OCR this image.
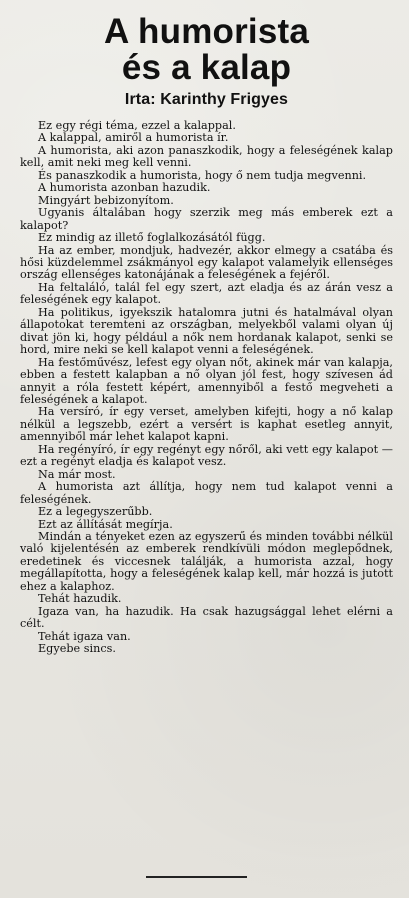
A humorista
és a kalap
Irta: Karinthy Frigyes

Ez egy régi téma, ezzel a kalappal.

A kalappal, amiről a humorista ír.

A humorista, aki azon panaszkodik, hogy a feleségének kalap kell, amit neki meg kell venni.

És panaszkodik a humorista, hogy ő nem tudja megvenni.

A humorista azonban hazudik.

Mingyárt bebizonyítom.

Ugyanis általában hogy szerzik meg más emberek ezt a kalapot?

Ez mindig az illető foglalkozásától függ.

Ha az ember, mondjuk, hadvezér, akkor elmegy a csatába és hősi küzdelemmel zsákmányol egy kalapot valamelyik ellenséges ország ellenséges katonájának a feleségének a fejéről.

Ha feltaláló, talál fel egy szert, azt eladja és az árán vesz a feleségének egy kalapot.

Ha politikus, igyekszik hatalomra jutni és hatalmával olyan állapotokat teremteni az országban, melyekből valami olyan új divat jön ki, hogy például a nők nem hordanak kalapot, senki se hord, mire neki se kell kalapot venni a feleségének.

Ha festőművész, lefest egy olyan nőt, akinek már van kalapja, ebben a festett kalapban a nő olyan jól fest, hogy szívesen ád annyit a róla festett képért, amennyiből a festő megveheti a feleségének a kalapot.

Ha versíró, ír egy verset, amelyben kifejti, hogy a nő kalap nélkül a legszebb, ezért a versért is kaphat esetleg annyit, amennyiből már lehet kalapot kapni.

Ha regényíró, ír egy regényt egy nőről, aki vett egy kalapot — ezt a regényt eladja és kalapot vesz.

Na már most.

A humorista azt állítja, hogy nem tud kalapot venni a feleségének.

Ez a legegyszerűbb.

Ezt az állítását megírja.

Mindán a tényeket ezen az egyszerű és minden további nélkül való kijelentésén az emberek rendkívüli módon meglepődnek, eredetinek és viccesnek találják, a humorista azzal, hogy megállapította, hogy a feleségének kalap kell, már hozzá is jutott ehez a kalaphoz.

Tehát hazudik.

Igaza van, ha hazudik. Ha csak hazugsággal lehet elérni a célt.

Tehát igaza van.

Egyebe sincs.
